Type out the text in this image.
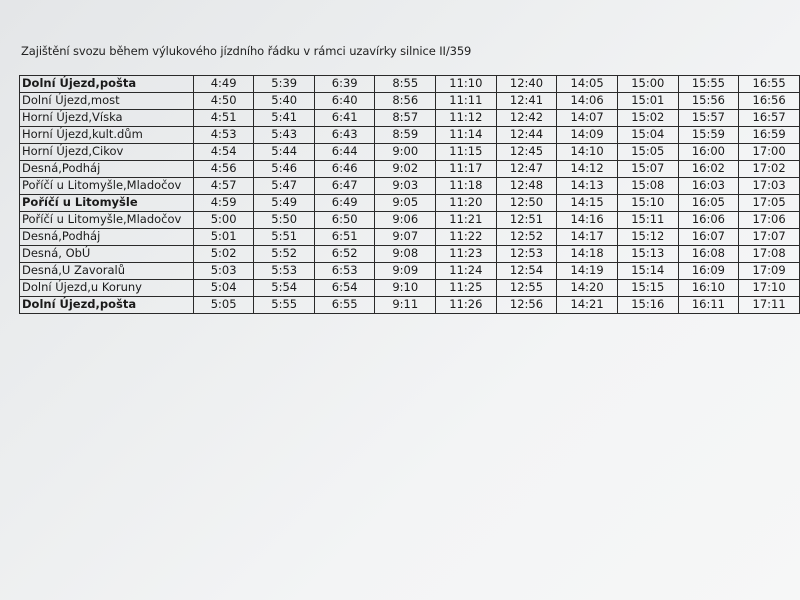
Zajištění svozu během výlukového jízdního řádku v rámci uzavírky silnice II/359
Dolní Újezd,pošta	4:49	5:39	6:39	8:55	11:10	12:40	14:05	15:00	15:55	16:55
Dolní Újezd,most	4:50	5:40	6:40	8:56	11:11	12:41	14:06	15:01	15:56	16:56
Horní Újezd,Víska	4:51	5:41	6:41	8:57	11:12	12:42	14:07	15:02	15:57	16:57
Horní Újezd,kult.dům	4:53	5:43	6:43	8:59	11:14	12:44	14:09	15:04	15:59	16:59
Horní Újezd,Cikov	4:54	5:44	6:44	9:00	11:15	12:45	14:10	15:05	16:00	17:00
Desná,Podháj	4:56	5:46	6:46	9:02	11:17	12:47	14:12	15:07	16:02	17:02
Poříčí u Litomyšle,Mladočov	4:57	5:47	6:47	9:03	11:18	12:48	14:13	15:08	16:03	17:03
Poříčí u Litomyšle	4:59	5:49	6:49	9:05	11:20	12:50	14:15	15:10	16:05	17:05
Poříčí u Litomyšle,Mladočov	5:00	5:50	6:50	9:06	11:21	12:51	14:16	15:11	16:06	17:06
Desná,Podháj	5:01	5:51	6:51	9:07	11:22	12:52	14:17	15:12	16:07	17:07
Desná, ObÚ	5:02	5:52	6:52	9:08	11:23	12:53	14:18	15:13	16:08	17:08
Desná,U Zavoralů	5:03	5:53	6:53	9:09	11:24	12:54	14:19	15:14	16:09	17:09
Dolní Újezd,u Koruny	5:04	5:54	6:54	9:10	11:25	12:55	14:20	15:15	16:10	17:10
Dolní Újezd,pošta	5:05	5:55	6:55	9:11	11:26	12:56	14:21	15:16	16:11	17:11
